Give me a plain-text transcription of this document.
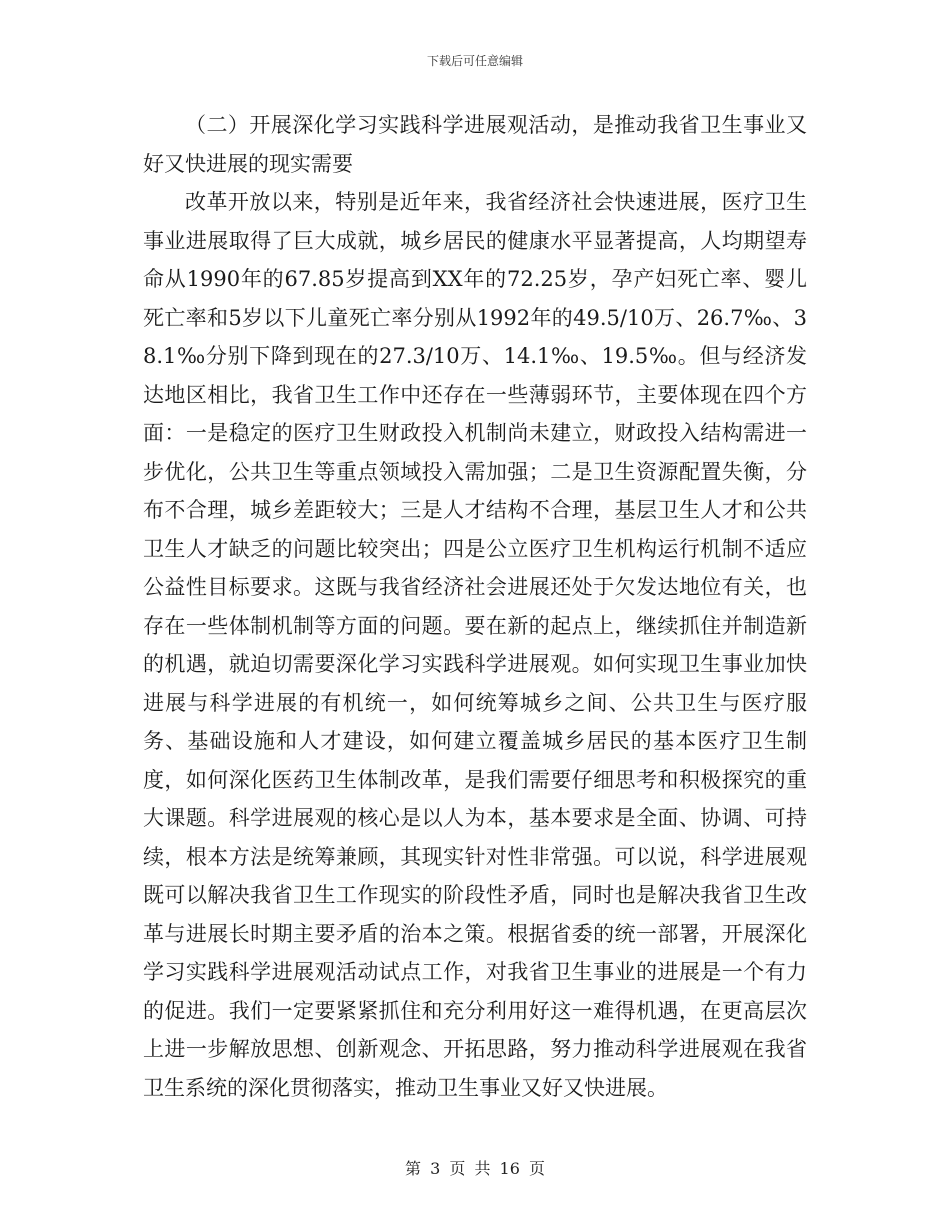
下载后可任意编辑

（二）开展深化学习实践科学进展观活动，是推动我省卫生事业又好又快进展的现实需要

改革开放以来，特别是近年来，我省经济社会快速进展，医疗卫生事业进展取得了巨大成就，城乡居民的健康水平显著提高，人均期望寿命从1990年的67.85岁提高到XX年的72.25岁，孕产妇死亡率、婴儿死亡率和5岁以下儿童死亡率分别从1992年的49.5/10万、26.7‰、38.1‰分别下降到现在的27.3/10万、14.1‰、19.5‰。但与经济发达地区相比，我省卫生工作中还存在一些薄弱环节，主要体现在四个方面：一是稳定的医疗卫生财政投入机制尚未建立，财政投入结构需进一步优化，公共卫生等重点领域投入需加强；二是卫生资源配置失衡，分布不合理，城乡差距较大；三是人才结构不合理，基层卫生人才和公共卫生人才缺乏的问题比较突出；四是公立医疗卫生机构运行机制不适应公益性目标要求。这既与我省经济社会进展还处于欠发达地位有关，也存在一些体制机制等方面的问题。要在新的起点上，继续抓住并制造新的机遇，就迫切需要深化学习实践科学进展观。如何实现卫生事业加快进展与科学进展的有机统一，如何统筹城乡之间、公共卫生与医疗服务、基础设施和人才建设，如何建立覆盖城乡居民的基本医疗卫生制度，如何深化医药卫生体制改革，是我们需要仔细思考和积极探究的重大课题。科学进展观的核心是以人为本，基本要求是全面、协调、可持续，根本方法是统筹兼顾，其现实针对性非常强。可以说，科学进展观既可以解决我省卫生工作现实的阶段性矛盾，同时也是解决我省卫生改革与进展长时期主要矛盾的治本之策。根据省委的统一部署，开展深化学习实践科学进展观活动试点工作，对我省卫生事业的进展是一个有力的促进。我们一定要紧紧抓住和充分利用好这一难得机遇，在更高层次上进一步解放思想、创新观念、开拓思路，努力推动科学进展观在我省卫生系统的深化贯彻落实，推动卫生事业又好又快进展。

第 3 页 共 16 页
